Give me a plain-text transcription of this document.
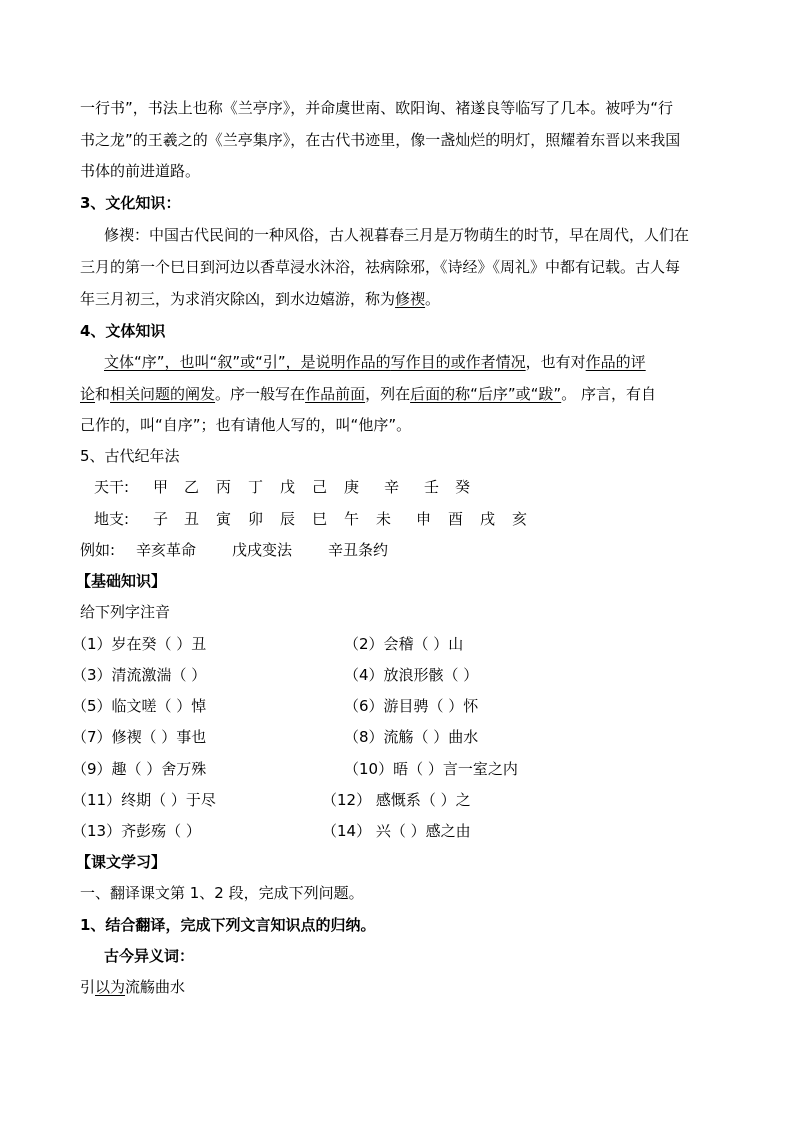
一行书”，书法上也称《兰亭序》，并命虞世南、欧阳询、褚遂良等临写了几本。被呼为“行
书之龙”的王羲之的《兰亭集序》，在古代书迹里，像一盏灿烂的明灯，照耀着东晋以来我国
书体的前进道路。
3、文化知识：
修禊：中国古代民间的一种风俗，古人视暮春三月是万物萌生的时节，早在周代，人们在
三月的第一个巳日到河边以香草浸水沐浴，祛病除邪，《诗经》《周礼》中都有记载。古人每
年三月初三，为求消灾除凶，到水边嬉游，称为修禊。
4、文体知识
文体“序”，也叫“叙”或“引”，是说明作品的写作目的或作者情况，也有对作品的评
论和相关问题的阐发。序一般写在作品前面，列在后面的称“后序”或“跋”。 序言，有自
己作的，叫“自序”；也有请他人写的，叫“他序”。
5、古代纪年法
天干: 甲 乙 丙 丁 戊 己 庚 辛 壬 癸
地支: 子 丑 寅 卯 辰 巳 午 未 申 酉 戌 亥
例如: 辛亥革命 戊戌变法 辛丑条约
【基础知识】
给下列字注音
（1）岁在癸（ ）丑	（2）会稽（ ）山
（3）清流激湍（ ）	（4）放浪形骸（ ）
（5）临文嗟（ ）悼	（6）游目骋（ ）怀
（7）修禊（ ）事也	（8）流觞（ ）曲水
（9）趣（ ）舍万殊	（10）晤（ ）言一室之内
（11）终期（ ）于尽	（12） 感慨系（ ）之
（13）齐彭殇（ ）	（14） 兴（ ）感之由
【课文学习】
一、翻译课文第 1、2 段，完成下列问题。
1、结合翻译，完成下列文言知识点的归纳。
古今异义词：
引以为流觞曲水
